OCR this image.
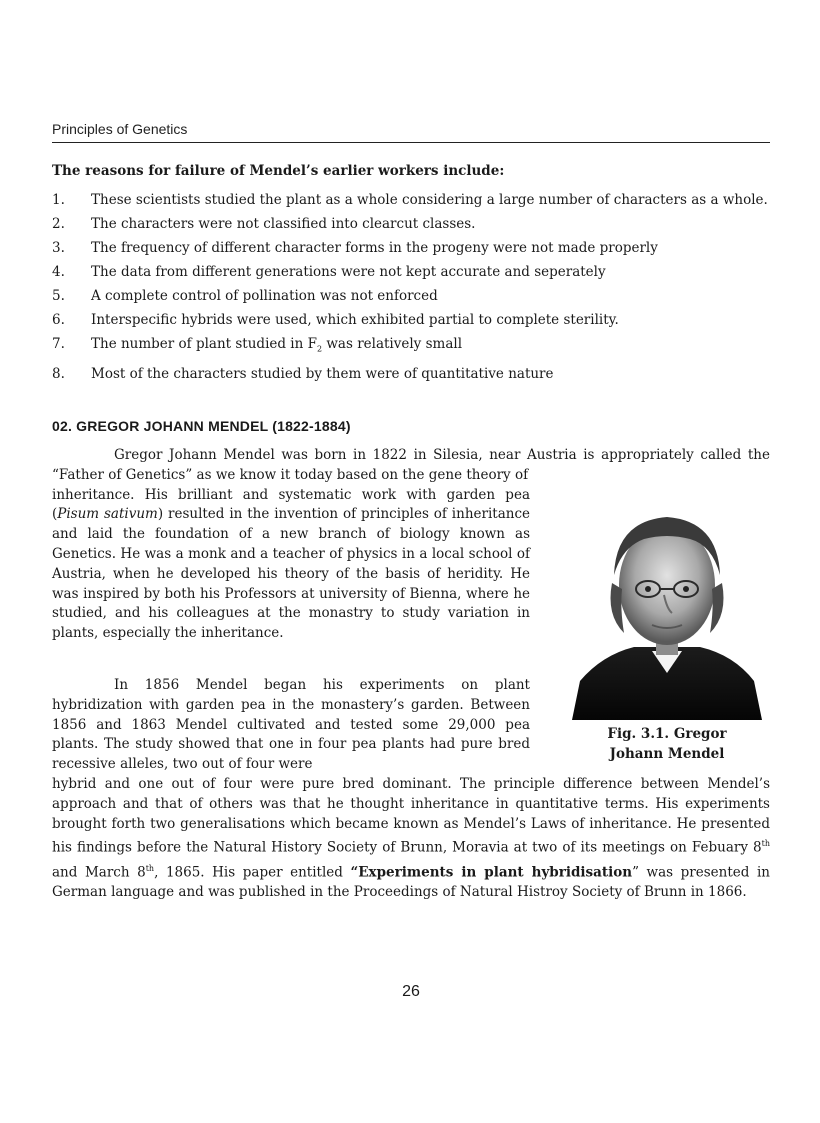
Principles of Genetics
The reasons for failure of Mendel’s earlier workers include:
1. These scientists studied the plant as a whole considering a large number of characters as a whole.
2. The characters were not classified into clearcut classes.
3. The frequency of different character forms in the progeny were not made properly
4. The data from different generations were not kept accurate and seperately
5. A complete control of pollination was not enforced
6. Interspecific hybrids were used, which exhibited partial to complete sterility.
7. The number of plant studied in $F_2$ was relatively small
8. Most of the characters studied by them were of quantitative nature
02. GREGOR JOHANN MENDEL (1822-1884)

Gregor Johann Mendel was born in 1822 in Silesia, near Austria is appropriately called the “Father of Genetics” as we know it today based on the gene theory of
inheritance. His brilliant and systematic work with garden pea (Pisum sativum) resulted in the invention of principles of inheritance and laid the foundation of a new branch of biology known as Genetics. He was a monk and a teacher of physics in a local school of Austria, when he developed his theory of the basis of heridity. He was inspired by both his Professors at university of Bienna, where he studied, and his colleagues at the monastry to study variation in plants, especially the inheritance.

In 1856 Mendel began his experiments on plant hybridization with garden pea in the monastery’s garden. Between 1856 and 1863 Mendel cultivated and tested some 29,000 pea plants. The study showed that one in four pea plants had pure bred recessive alleles, two out of four were
hybrid and one out of four were pure bred dominant. The principle difference between Mendel’s approach and that of others was that he thought inheritance in quantitative terms. His experiments brought forth two generalisations which became known as Mendel’s Laws of inheritance. He presented his findings before the Natural History Society of Brunn, Moravia at two of its meetings on Febuary 8th and March 8th, 1865. His paper entitled “Experiments in plant hybridisation” was presented in German language and was published in the Proceedings of Natural Histroy Society of Brunn in 1866.

Fig. 3.1. Gregor
Johann Mendel
26
